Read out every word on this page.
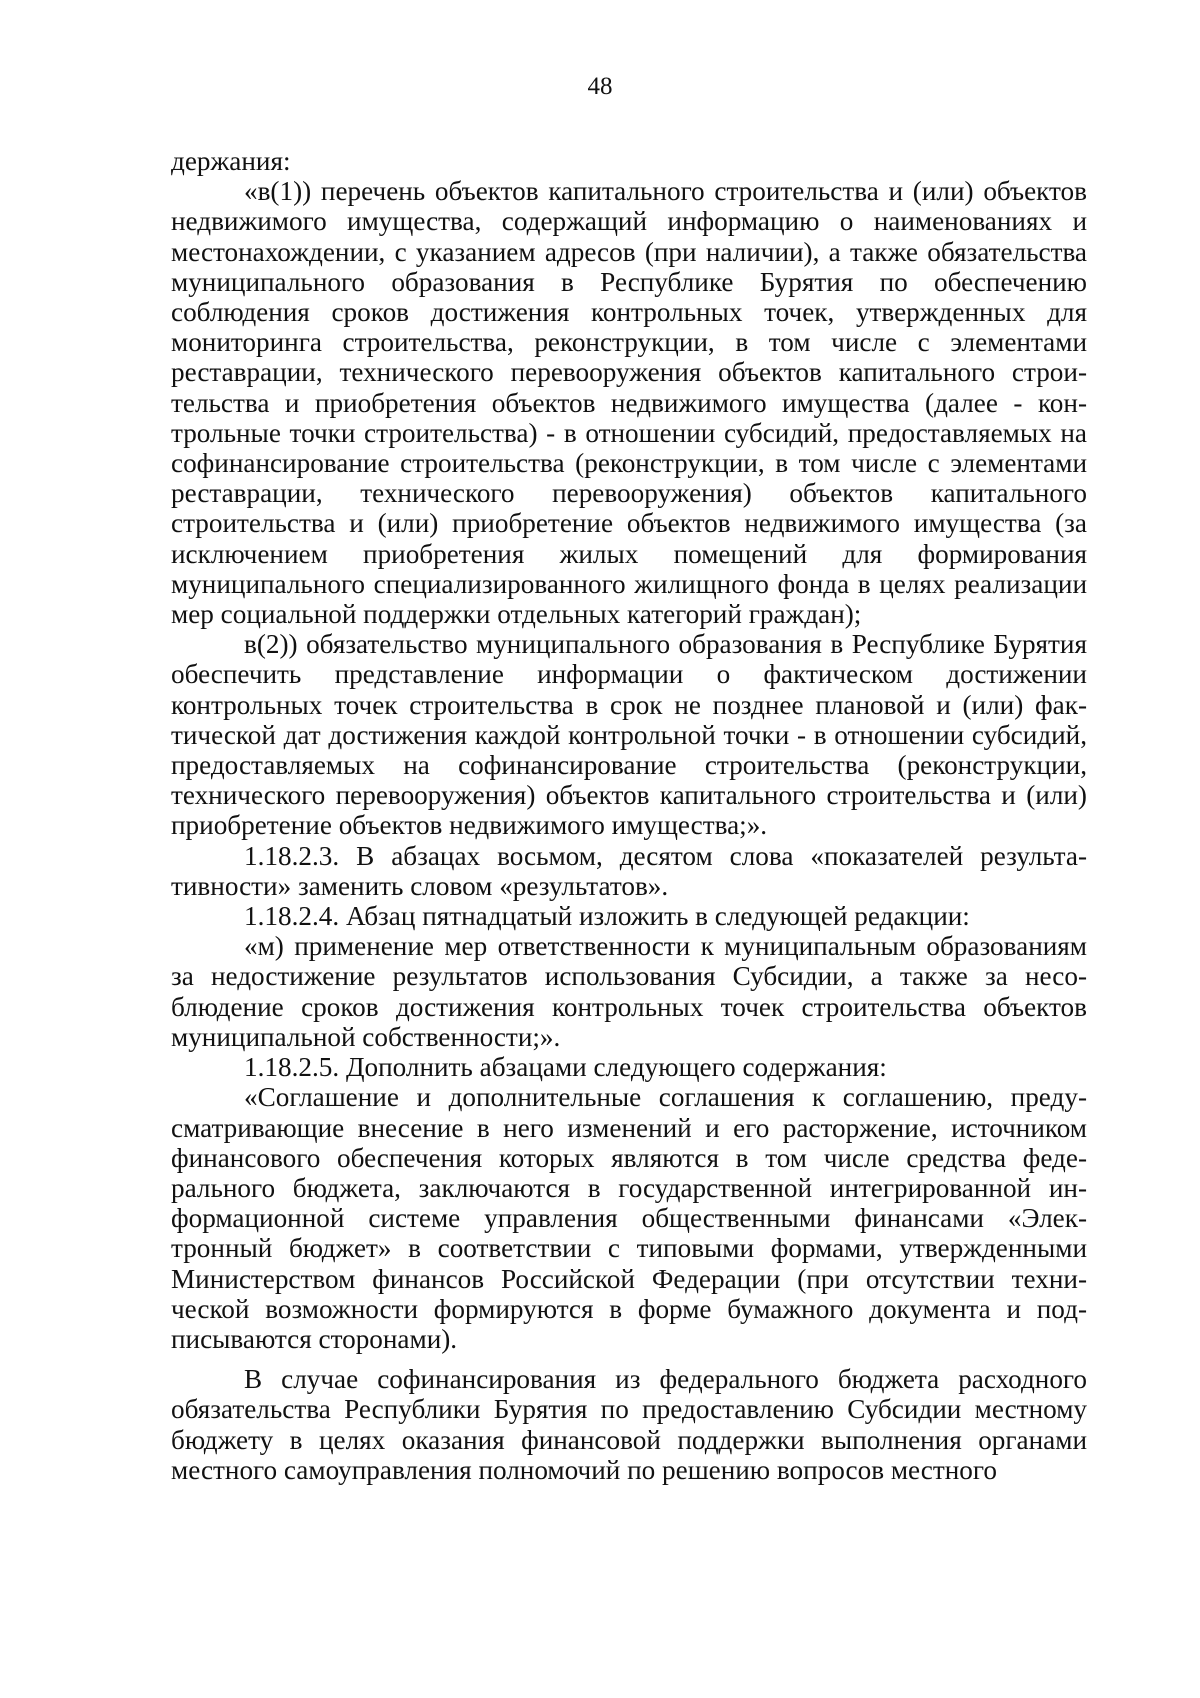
48

держания:

«в(1)) перечень объектов капитального строительства и (или) объектов недвижимого имущества, содержащий информацию о наименованиях и местонахождении, с указанием адресов (при наличии), а также обязательства муниципального образования в Республике Бурятия по обеспечению соблюдения сроков достижения контрольных точек, утвержденных для мониторинга строительства, реконструкции, в том числе с элементами реставрации, технического перевооружения объектов капитального строительства и приобретения объектов недвижимого имущества (далее - контрольные точки строительства) - в отношении субсидий, предоставляемых на софинансирование строительства (реконструкции, в том числе с элементами реставрации, технического перевооружения) объектов капитального строительства и (или) приобретение объектов недвижимого имущества (за исключением приобретения жилых помещений для формирования муниципального специализированного жилищного фонда в целях реализации мер социальной поддержки отдельных категорий граждан);

в(2)) обязательство муниципального образования в Республике Бурятия обеспечить представление информации о фактическом достижении контрольных точек строительства в срок не позднее плановой и (или) фактической дат достижения каждой контрольной точки - в отношении субсидий, предоставляемых на софинансирование строительства (реконструкции, технического перевооружения) объектов капитального строительства и (или) приобретение объектов недвижимого имущества;».

1.18.2.3. В абзацах восьмом, десятом слова «показателей результативности» заменить словом «результатов».

1.18.2.4. Абзац пятнадцатый изложить в следующей редакции:

«м) применение мер ответственности к муниципальным образованиям за недостижение результатов использования Субсидии, а также за несоблюдение сроков достижения контрольных точек строительства объектов муниципальной собственности;».

1.18.2.5. Дополнить абзацами следующего содержания:

«Соглашение и дополнительные соглашения к соглашению, предусматривающие внесение в него изменений и его расторжение, источником финансового обеспечения которых являются в том числе средства федерального бюджета, заключаются в государственной интегрированной информационной системе управления общественными финансами «Электронный бюджет» в соответствии с типовыми формами, утвержденными Министерством финансов Российской Федерации (при отсутствии технической возможности формируются в форме бумажного документа и подписываются сторонами).

В случае софинансирования из федерального бюджета расходного обязательства Республики Бурятия по предоставлению Субсидии местному бюджету в целях оказания финансовой поддержки выполнения органами местного самоуправления полномочий по решению вопросов местного
